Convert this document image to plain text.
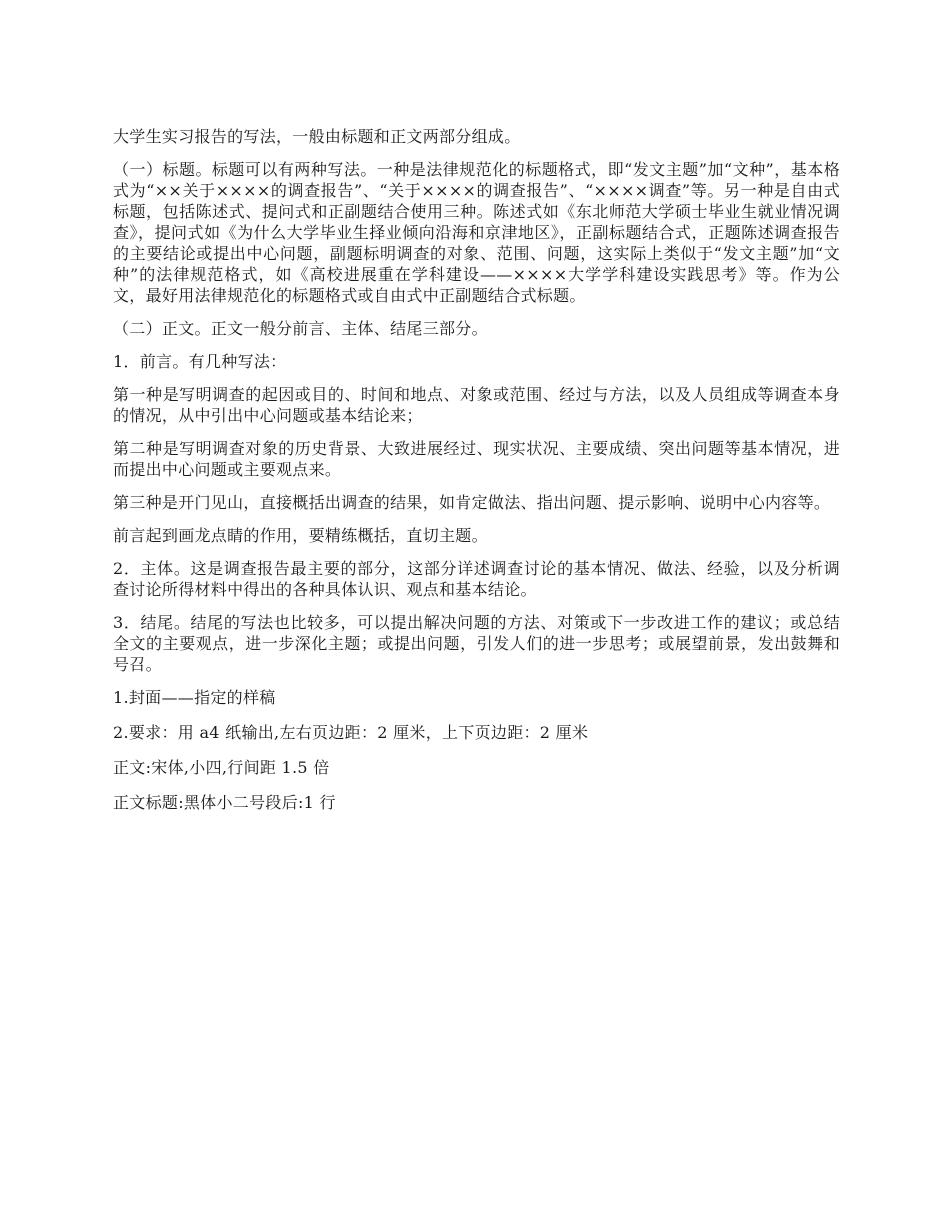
大学生实习报告的写法，一般由标题和正文两部分组成。

（一）标题。标题可以有两种写法。一种是法律规范化的标题格式，即“发文主题”加“文种”，基本格式为“××关于××××的调查报告”、“关于××××的调查报告”、“××××调查”等。另一种是自由式标题，包括陈述式、提问式和正副题结合使用三种。陈述式如《东北师范大学硕士毕业生就业情况调查》，提问式如《为什么大学毕业生择业倾向沿海和京津地区》，正副标题结合式，正题陈述调查报告的主要结论或提出中心问题，副题标明调查的对象、范围、问题，这实际上类似于“发文主题”加“文种”的法律规范格式，如《高校进展重在学科建设——××××大学学科建设实践思考》等。作为公文，最好用法律规范化的标题格式或自由式中正副题结合式标题。

（二）正文。正文一般分前言、主体、结尾三部分。

1．前言。有几种写法：

第一种是写明调查的起因或目的、时间和地点、对象或范围、经过与方法，以及人员组成等调查本身的情况，从中引出中心问题或基本结论来；

第二种是写明调查对象的历史背景、大致进展经过、现实状况、主要成绩、突出问题等基本情况，进而提出中心问题或主要观点来。

第三种是开门见山，直接概括出调查的结果，如肯定做法、指出问题、提示影响、说明中心内容等。

前言起到画龙点睛的作用，要精练概括，直切主题。

2．主体。这是调查报告最主要的部分，这部分详述调查讨论的基本情况、做法、经验，以及分析调查讨论所得材料中得出的各种具体认识、观点和基本结论。

3．结尾。结尾的写法也比较多，可以提出解决问题的方法、对策或下一步改进工作的建议；或总结全文的主要观点，进一步深化主题；或提出问题，引发人们的进一步思考；或展望前景，发出鼓舞和号召。

1.封面——指定的样稿

2.要求：用 a4 纸输出,左右页边距：2 厘米，上下页边距：2 厘米

正文:宋体,小四,行间距 1.5 倍

正文标题:黑体小二号段后:1 行
